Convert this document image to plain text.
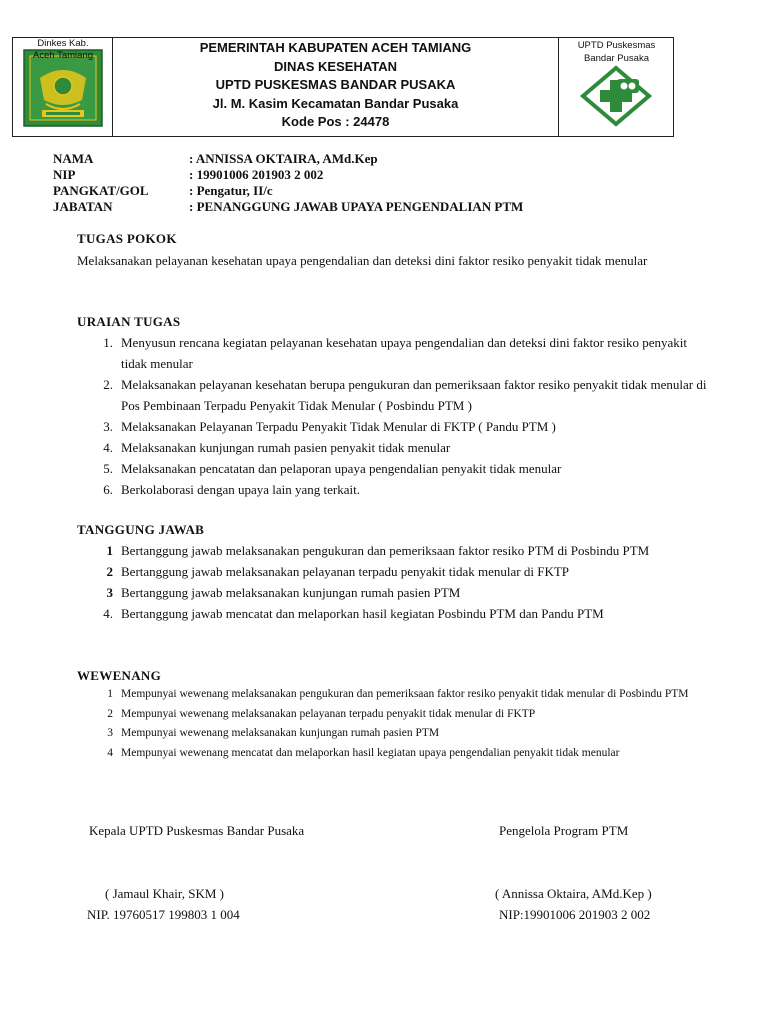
Dinkes Kab.
Aceh Tamiang
PEMERINTAH KABUPATEN ACEH TAMIANG
DINAS KESEHATAN
UPTD PUSKESMAS BANDAR PUSAKA
Jl. M. Kasim Kecamatan Bandar Pusaka
Kode Pos : 24478
UPTD Puskesmas
Bandar Pusaka
NAMA	: ANNISSA OKTAIRA, AMd.Kep
NIP	: 19901006 201903 2 002
PANGKAT/GOL	: Pengatur, II/c
JABATAN	: PENANGGUNG JAWAB UPAYA PENGENDALIAN PTM
TUGAS POKOK
Melaksanakan pelayanan kesehatan upaya pengendalian dan deteksi dini faktor resiko penyakit tidak menular
URAIAN TUGAS
1. Menyusun rencana kegiatan pelayanan kesehatan upaya pengendalian dan deteksi dini faktor resiko penyakit tidak menular
2. Melaksanakan pelayanan kesehatan berupa pengukuran dan pemeriksaan faktor resiko penyakit tidak menular di Pos Pembinaan Terpadu Penyakit Tidak Menular ( Posbindu PTM )
3. Melaksanakan Pelayanan Terpadu Penyakit Tidak Menular di FKTP ( Pandu PTM )
4. Melaksanakan kunjungan rumah pasien penyakit tidak menular
5. Melaksanakan pencatatan dan pelaporan upaya pengendalian penyakit tidak menular
6. Berkolaborasi dengan upaya lain yang terkait.
TANGGUNG JAWAB
1 Bertanggung jawab melaksanakan pengukuran dan pemeriksaan faktor resiko PTM di Posbindu PTM
2 Bertanggung jawab melaksanakan pelayanan terpadu penyakit tidak menular di FKTP
3 Bertanggung jawab melaksanakan kunjungan rumah pasien PTM
4. Bertanggung jawab mencatat dan melaporkan hasil kegiatan Posbindu PTM dan Pandu PTM
WEWENANG
1 Mempunyai wewenang melaksanakan pengukuran dan pemeriksaan faktor resiko penyakit tidak menular di Posbindu PTM
2 Mempunyai wewenang melaksanakan pelayanan terpadu penyakit tidak menular di FKTP
3 Mempunyai wewenang melaksanakan kunjungan rumah pasien PTM
4 Mempunyai wewenang mencatat dan melaporkan hasil kegiatan upaya pengendalian penyakit tidak menular
Kepala UPTD Puskesmas Bandar Pusaka	Pengelola Program PTM
( Jamaul Khair, SKM )	( Annissa Oktaira, AMd.Kep )
NIP. 19760517 199803 1 004	NIP:19901006 201903 2 002
